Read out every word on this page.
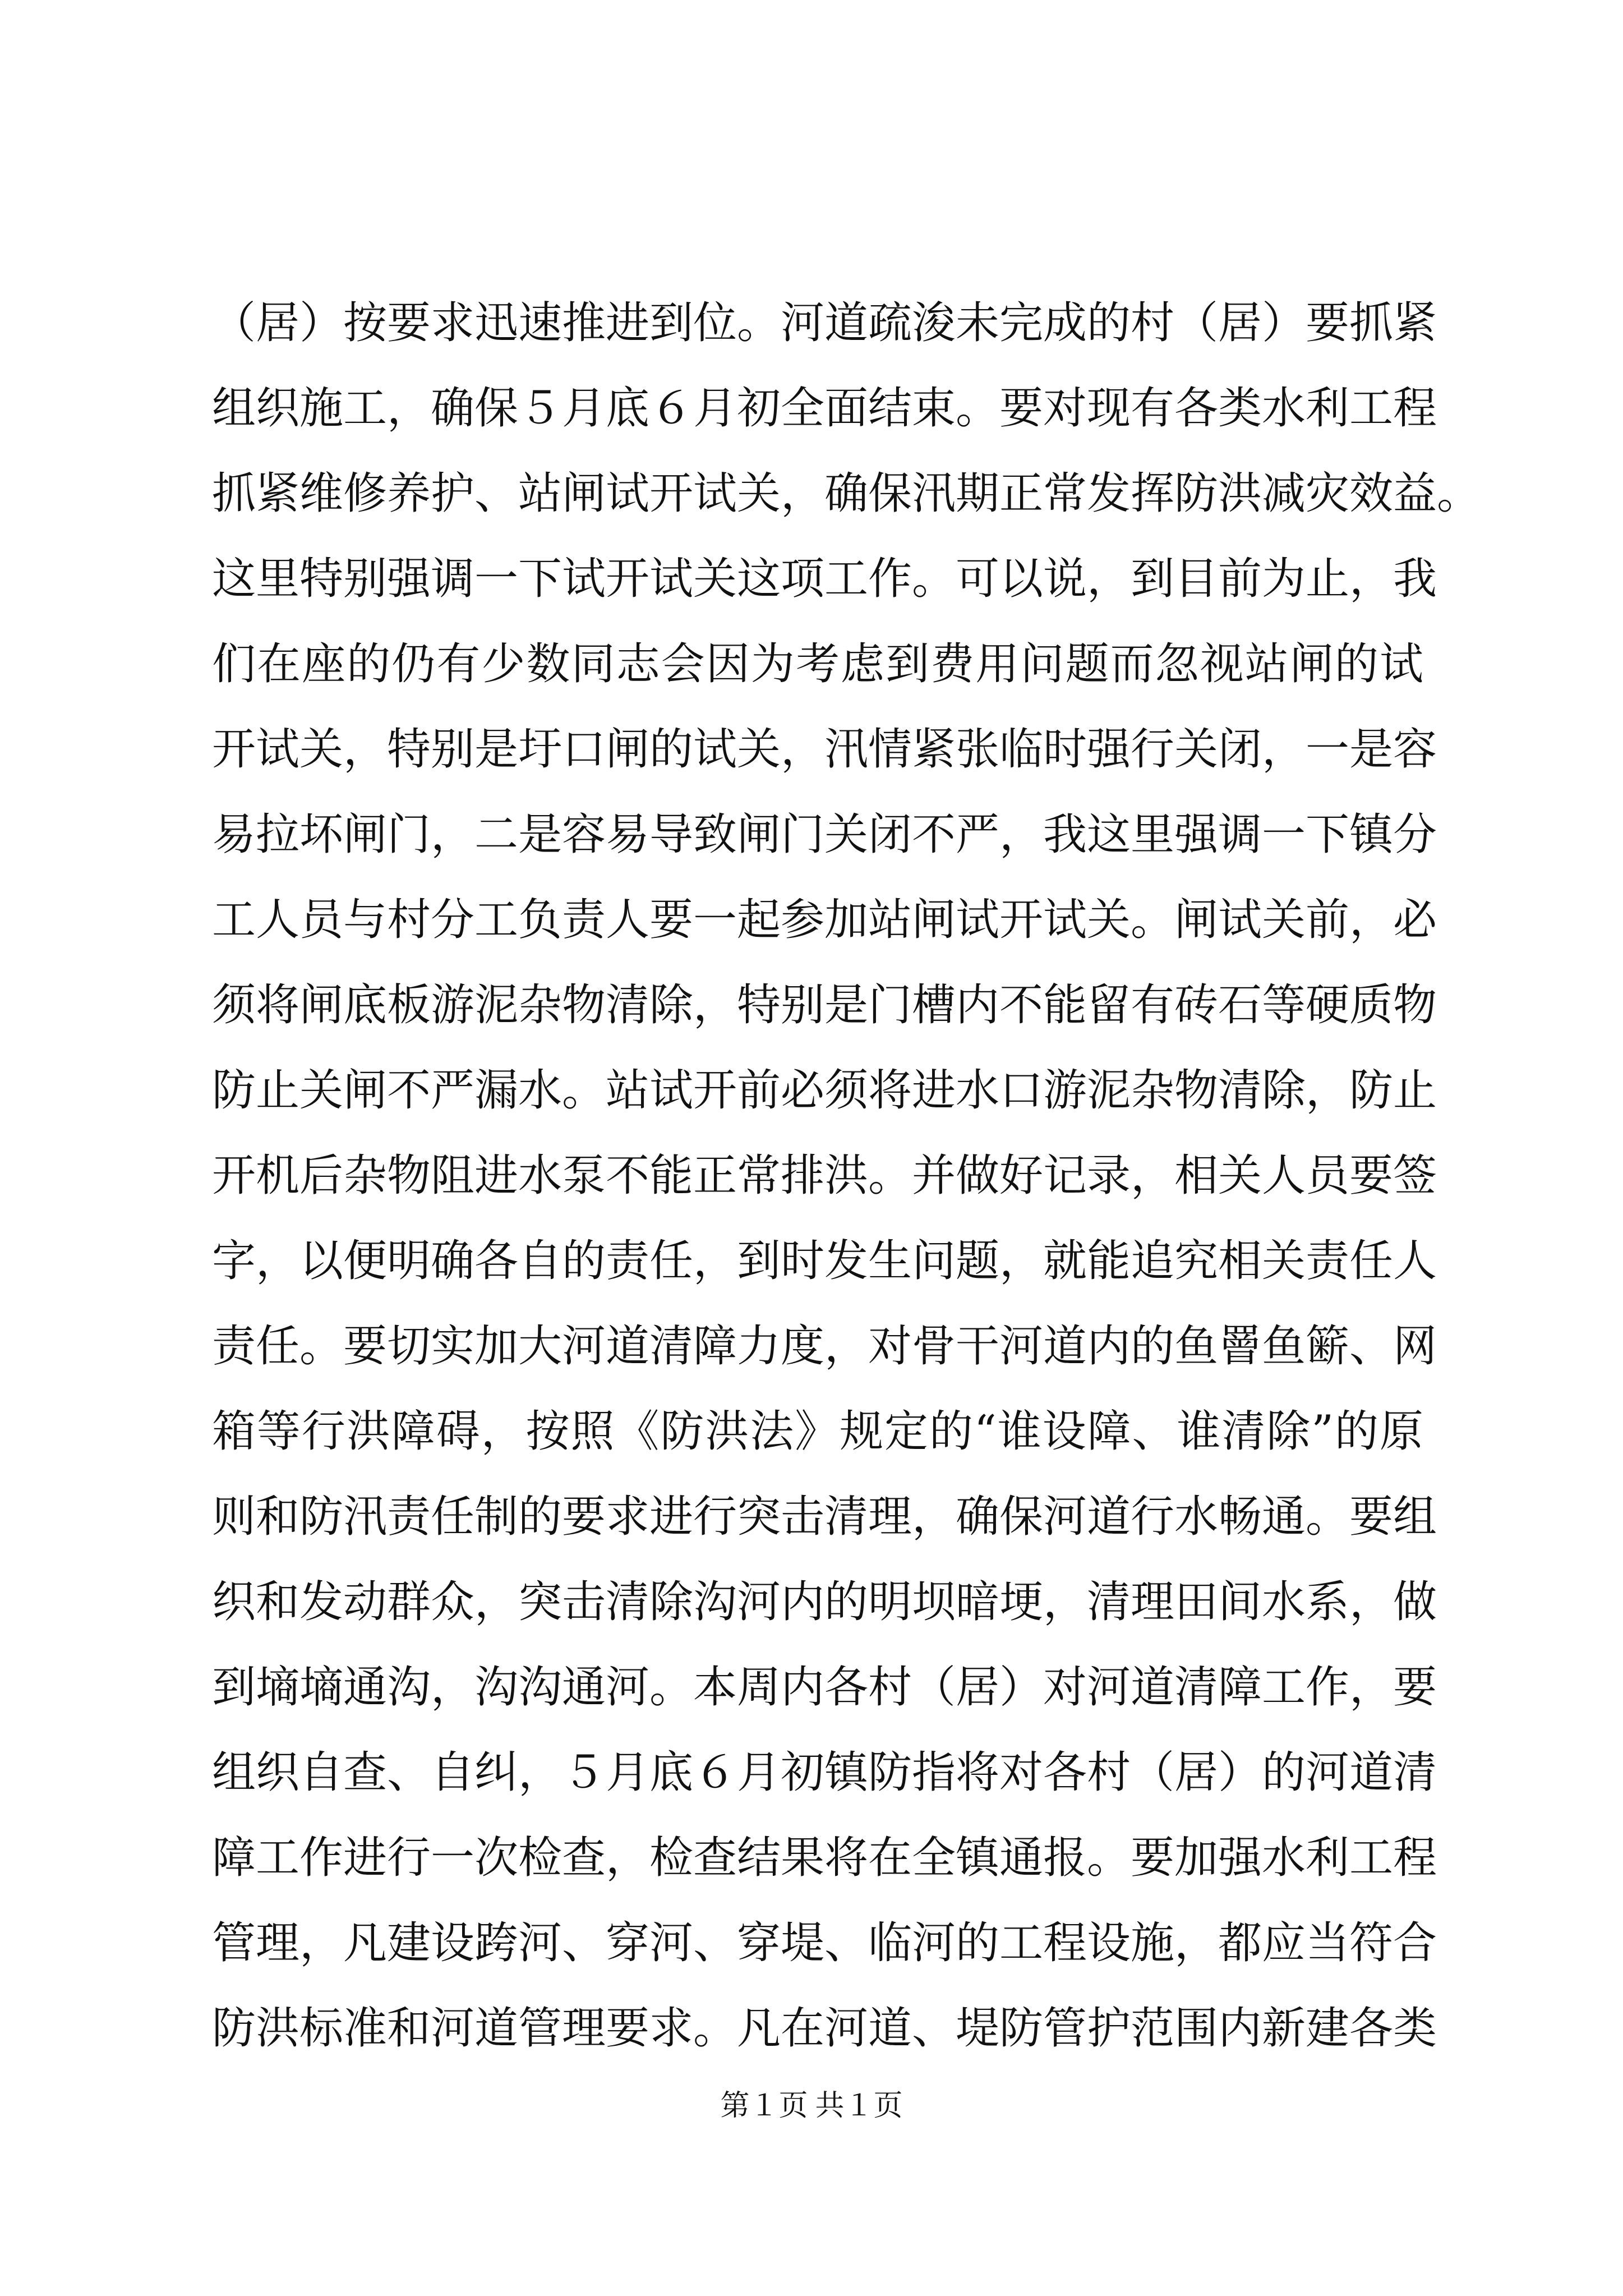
（居）按要求迅速推进到位。河道疏浚未完成的村（居）要抓紧
组织施工，确保５月底６月初全面结束。要对现有各类水利工程
抓紧维修养护、站闸试开试关，确保汛期正常发挥防洪减灾效益。
这里特别强调一下试开试关这项工作。可以说，到目前为止，我
们在座的仍有少数同志会因为考虑到费用问题而忽视站闸的试
开试关，特别是圩口闸的试关，汛情紧张临时强行关闭，一是容
易拉坏闸门，二是容易导致闸门关闭不严，我这里强调一下镇分
工人员与村分工负责人要一起参加站闸试开试关。闸试关前，必
须将闸底板游泥杂物清除，特别是门槽内不能留有砖石等硬质物
防止关闸不严漏水。站试开前必须将进水口游泥杂物清除，防止
开机后杂物阻进水泵不能正常排洪。并做好记录，相关人员要签
字，以便明确各自的责任，到时发生问题，就能追究相关责任人
责任。要切实加大河道清障力度，对骨干河道内的鱼罾鱼簖、网
箱等行洪障碍，按照《防洪法》规定的“谁设障、谁清除”的原
则和防汛责任制的要求进行突击清理，确保河道行水畅通。要组
织和发动群众，突击清除沟河内的明坝暗埂，清理田间水系，做
到墒墒通沟，沟沟通河。本周内各村（居）对河道清障工作，要
组织自查、自纠，５月底６月初镇防指将对各村（居）的河道清
障工作进行一次检查，检查结果将在全镇通报。要加强水利工程
管理，凡建设跨河、穿河、穿堤、临河的工程设施，都应当符合
防洪标准和河道管理要求。凡在河道、堤防管护范围内新建各类
第１页 共１页
